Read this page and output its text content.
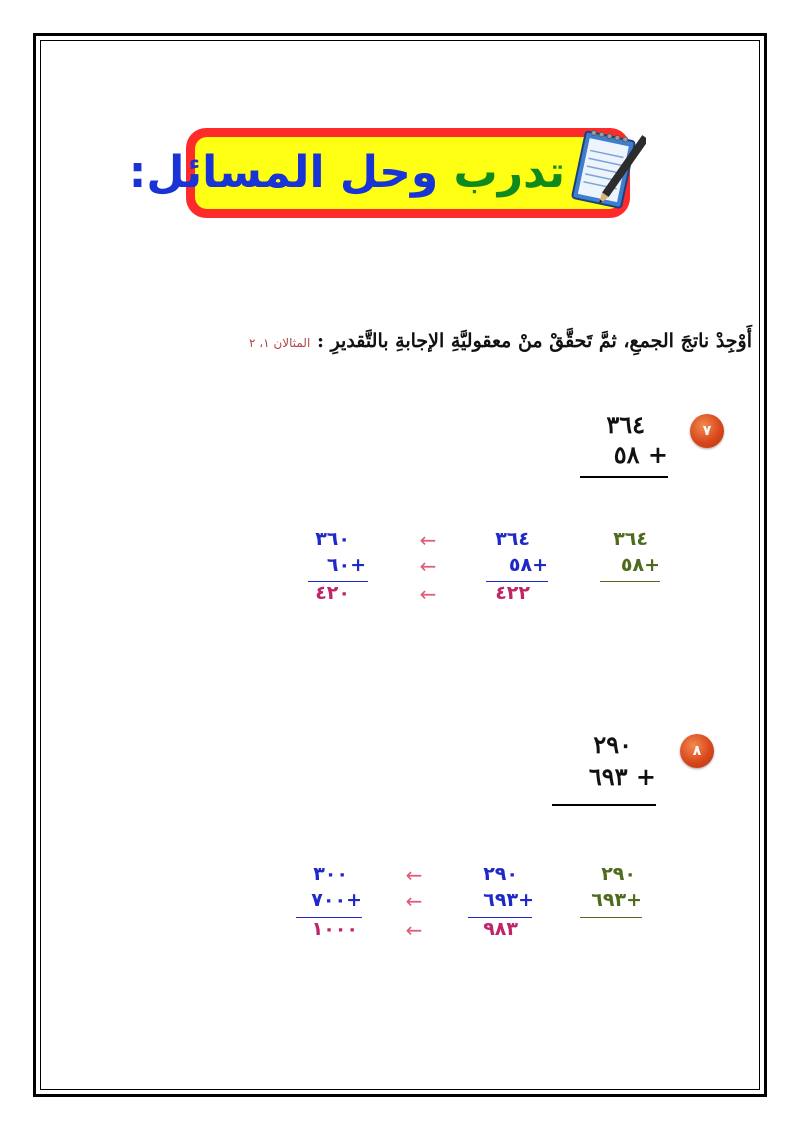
تدرب وحل المسائل:
أَوْجِدْ ناتجَ الجمعِ، ثمَّ تَحقَّقْ منْ معقوليَّةِ الإجابةِ بالتَّقديرِ : المثالان ١، ٢
٧
٣٦٤
٥٨ +
٣٦٤
٥٨+
٣٦٤
٥٨+
٤٢٢
←
←
←
٣٦٠
٦٠+
٤٢٠
٨
٢٩٠
٦٩٣ +
٢٩٠
٦٩٣+
٢٩٠
٦٩٣+
٩٨٣
←
←
←
٣٠٠
٧٠٠+
١٠٠٠
